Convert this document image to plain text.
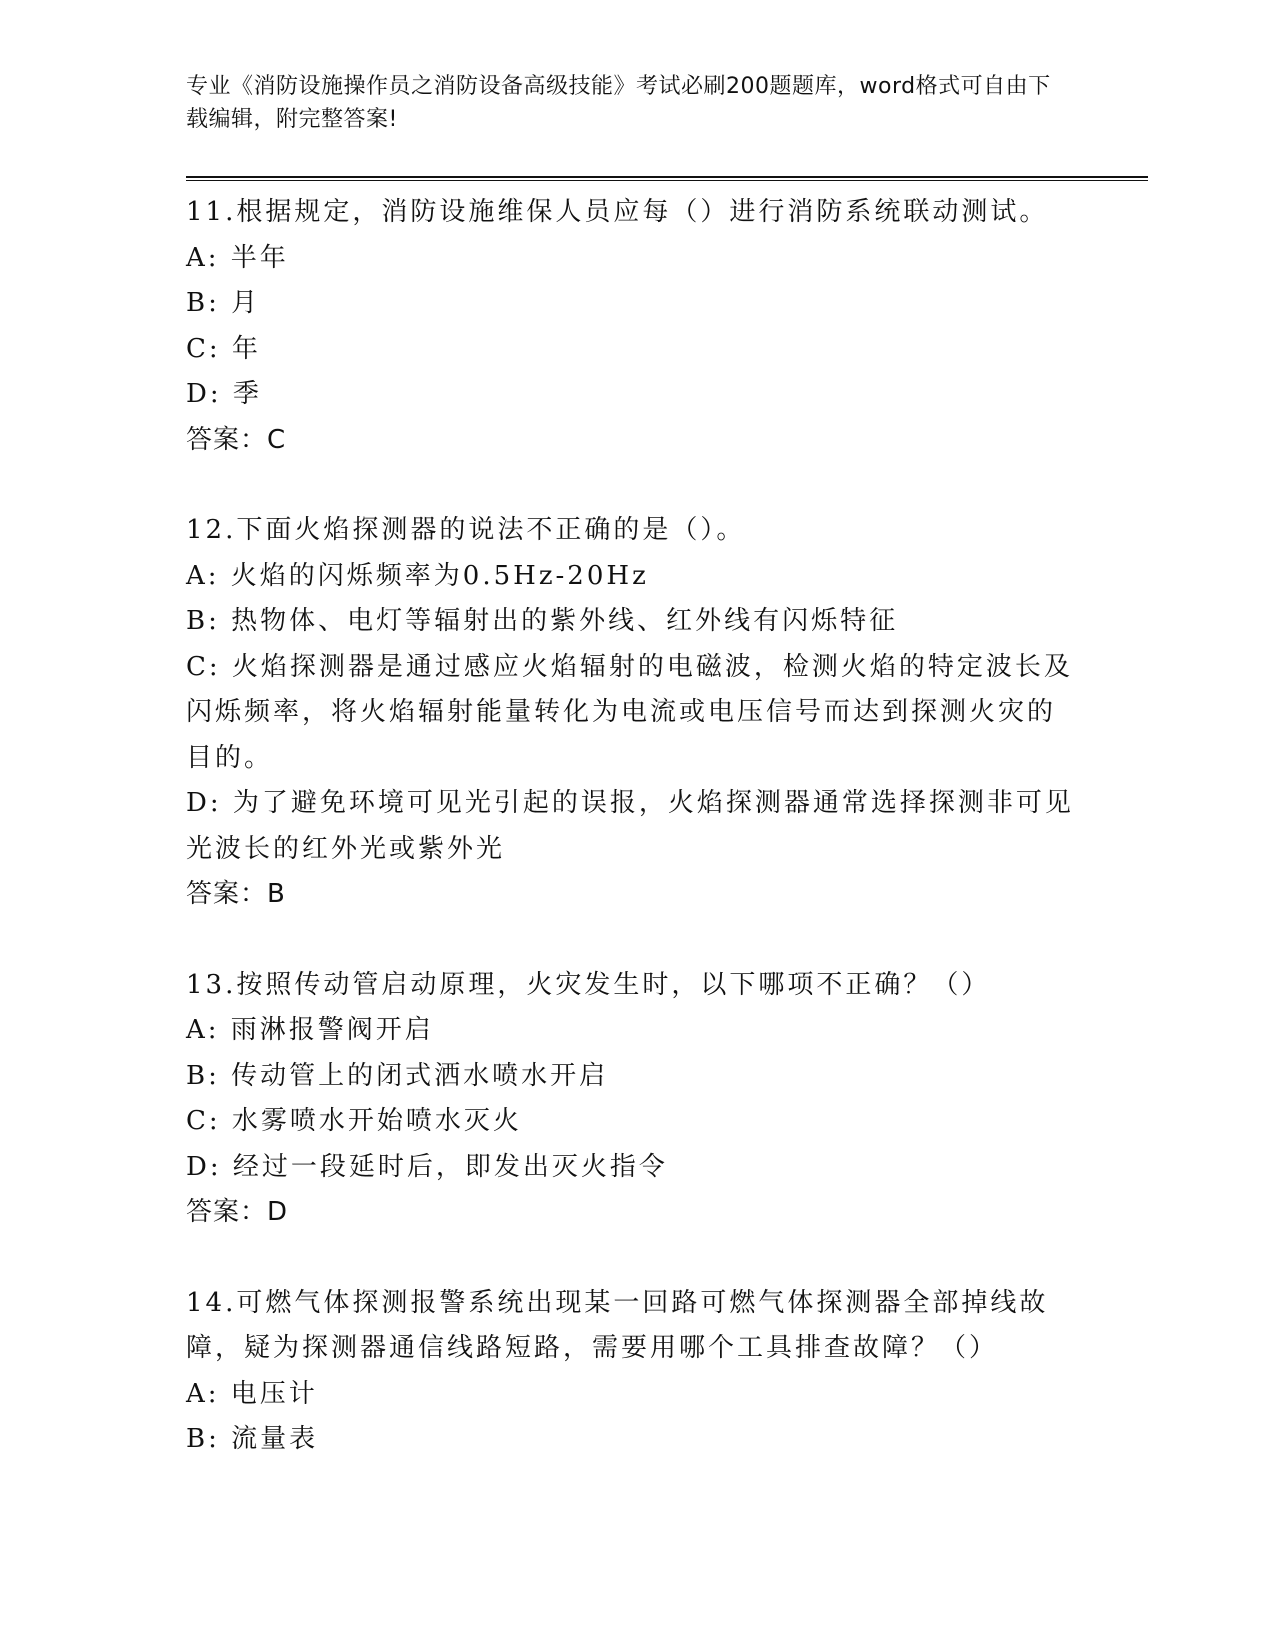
专业《消防设施操作员之消防设备高级技能》考试必刷200题题库，word格式可自由下载编辑，附完整答案!

11.根据规定，消防设施维保人员应每（）进行消防系统联动测试。

A: 半年

B: 月

C: 年

D: 季

答案：C

12.下面火焰探测器的说法不正确的是（）。

A: 火焰的闪烁频率为0.5Hz-20Hz

B: 热物体、电灯等辐射出的紫外线、红外线有闪烁特征

C: 火焰探测器是通过感应火焰辐射的电磁波，检测火焰的特定波长及闪烁频率，将火焰辐射能量转化为电流或电压信号而达到探测火灾的目的。

D: 为了避免环境可见光引起的误报，火焰探测器通常选择探测非可见光波长的红外光或紫外光

答案：B

13.按照传动管启动原理，火灾发生时，以下哪项不正确？（）

A: 雨淋报警阀开启

B: 传动管上的闭式洒水喷水开启

C: 水雾喷水开始喷水灭火

D: 经过一段延时后，即发出灭火指令

答案：D

14.可燃气体探测报警系统出现某一回路可燃气体探测器全部掉线故障，疑为探测器通信线路短路，需要用哪个工具排查故障？（）

A: 电压计

B: 流量表
